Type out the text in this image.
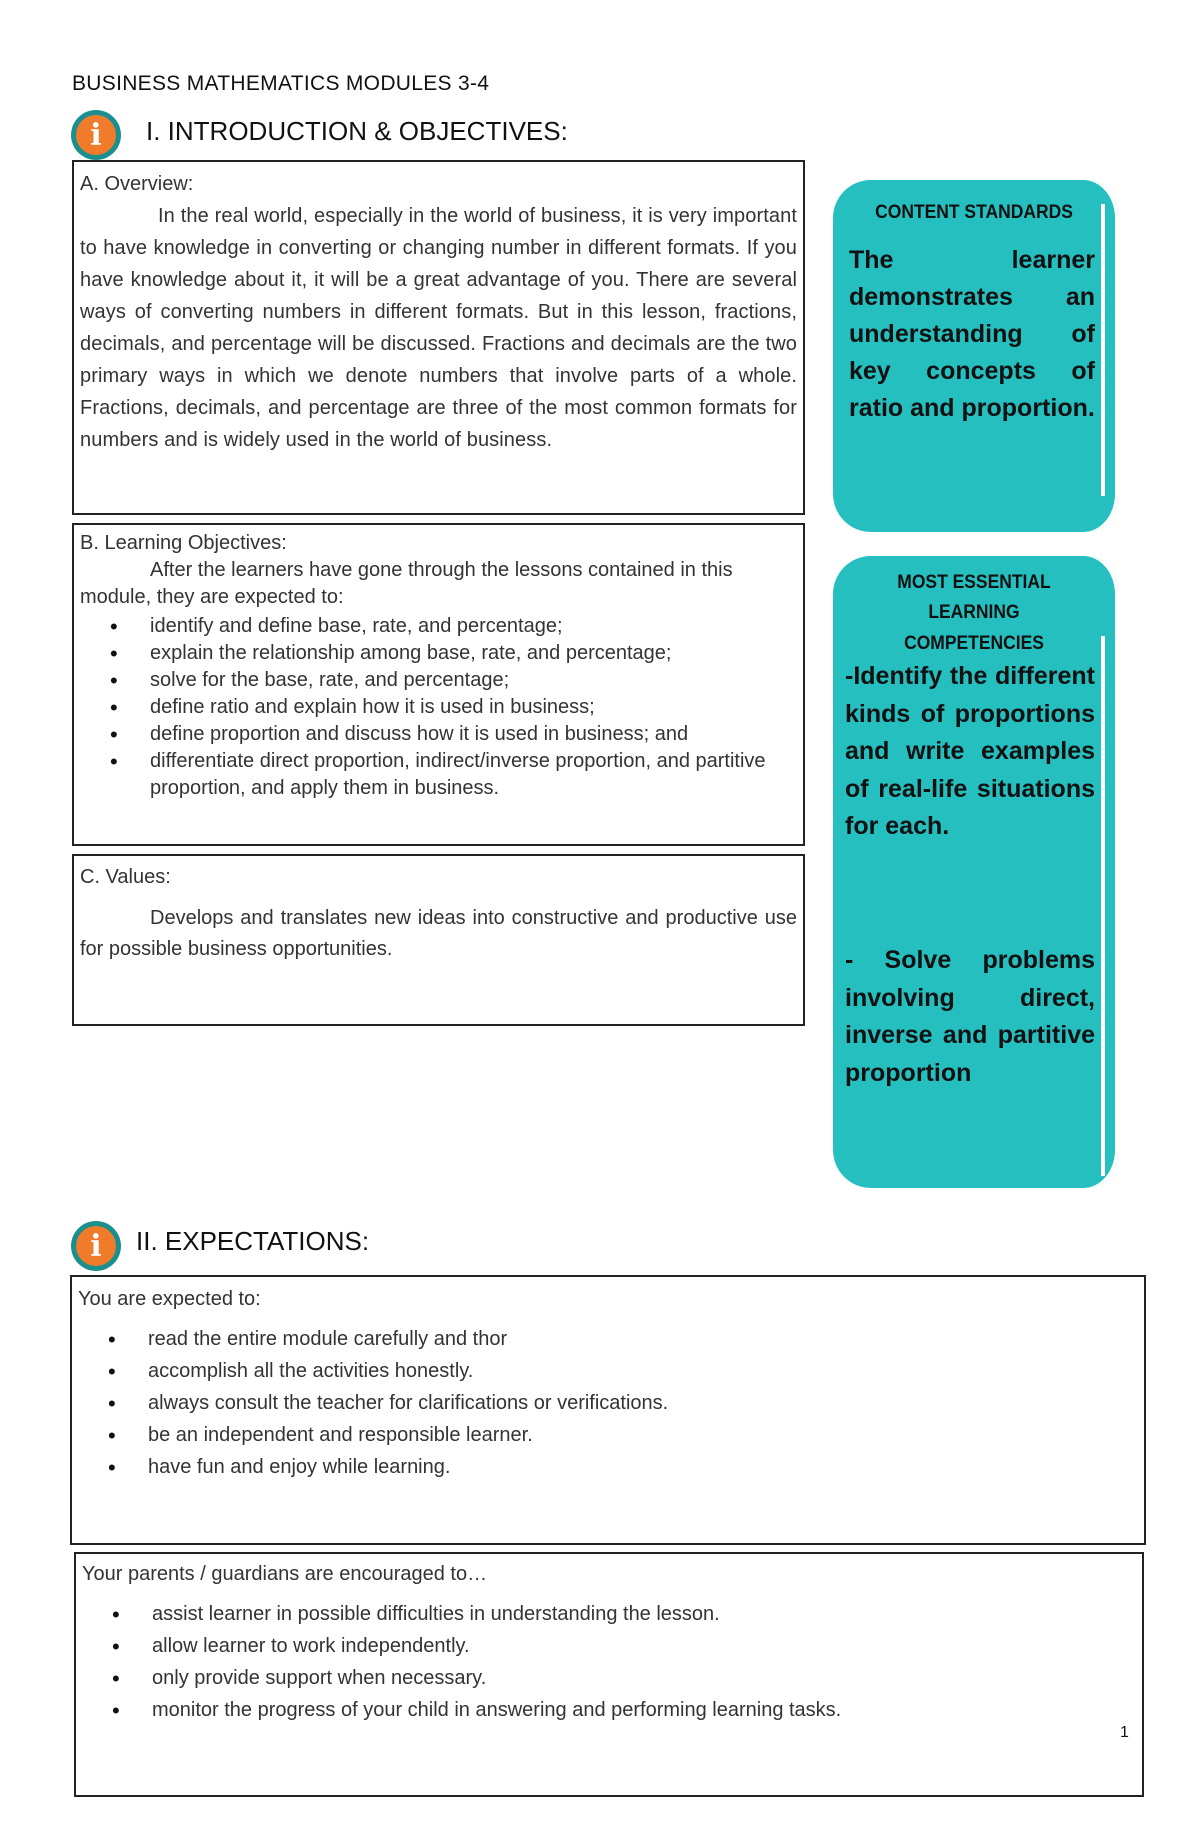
BUSINESS MATHEMATICS MODULES 3-4
i	I. INTRODUCTION & OBJECTIVES:

A. Overview:

In the real world, especially in the world of business, it is very important to have knowledge in converting or changing number in different formats. If you have knowledge about it, it will be a great advantage of you. There are several ways of converting numbers in different formats. But in this lesson, fractions, decimals, and percentage will be discussed. Fractions and decimals are the two primary ways in which we denote numbers that involve parts of a whole. Fractions, decimals, and percentage are three of the most common formats for numbers and is widely used in the world of business.

B. Learning Objectives:

After the learners have gone through the lessons contained in this module, they are expected to:

• identify and define base, rate, and percentage;
• explain the relationship among base, rate, and percentage;
• solve for the base, rate, and percentage;
• define ratio and explain how it is used in business;
• define proportion and discuss how it is used in business; and
• differentiate direct proportion, indirect/inverse proportion, and partitive proportion, and apply them in business.

C. Values:

Develops and translates new ideas into constructive and productive use for possible business opportunities.

CONTENT STANDARDS
The learner demonstrates an understanding of key concepts of ratio and proportion.
MOST ESSENTIAL
LEARNING COMPETENCIES
-Identify the different kinds of proportions and write examples of real-life situations for each.
- Solve problems involving direct, inverse and partitive proportion
i	II. EXPECTATIONS:

You are expected to:

• read the entire module carefully and thor
• accomplish all the activities honestly.
• always consult the teacher for clarifications or verifications.
• be an independent and responsible learner.
• have fun and enjoy while learning.

Your parents / guardians are encouraged to…

• assist learner in possible difficulties in understanding the lesson.
• allow learner to work independently.
• only provide support when necessary.
• monitor the progress of your child in answering and performing learning tasks.
1
